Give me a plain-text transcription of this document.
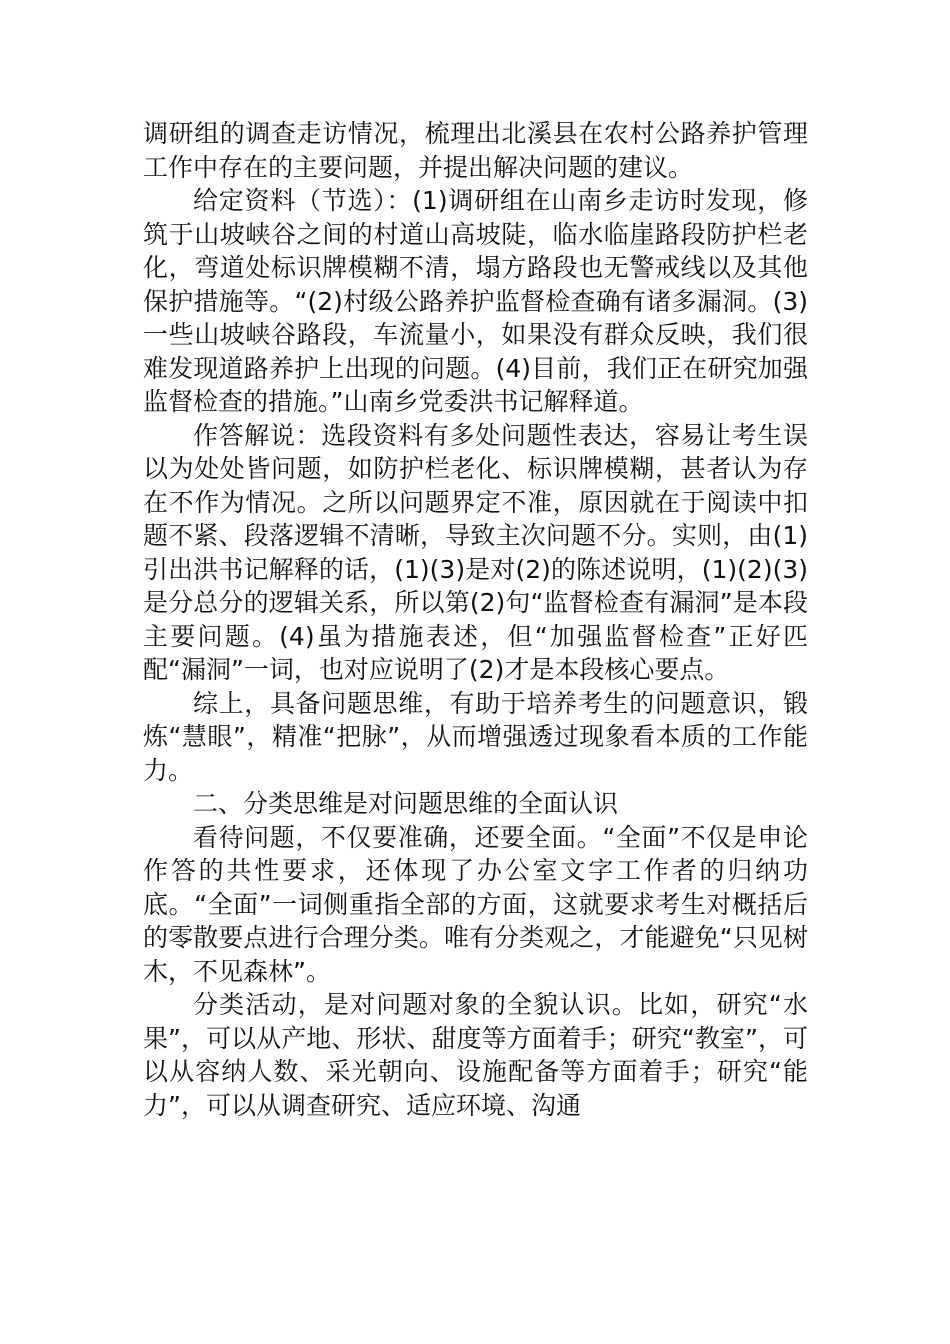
调研组的调查走访情况，梳理出北溪县在农村公路养护管理工作中存在的主要问题，并提出解决问题的建议。

给定资料（节选）：(1)调研组在山南乡走访时发现，修筑于山坡峡谷之间的村道山高坡陡，临水临崖路段防护栏老化，弯道处标识牌模糊不清，塌方路段也无警戒线以及其他保护措施等。“(2)村级公路养护监督检查确有诸多漏洞。(3)一些山坡峡谷路段，车流量小，如果没有群众反映，我们很难发现道路养护上出现的问题。(4)目前，我们正在研究加强监督检查的措施。”山南乡党委洪书记解释道。

作答解说：选段资料有多处问题性表达，容易让考生误以为处处皆问题，如防护栏老化、标识牌模糊，甚者认为存在不作为情况。之所以问题界定不准，原因就在于阅读中扣题不紧、段落逻辑不清晰，导致主次问题不分。实则，由(1)引出洪书记解释的话，(1)(3)是对(2)的陈述说明，(1)(2)(3)是分总分的逻辑关系，所以第(2)句“监督检查有漏洞”是本段主要问题。(4)虽为措施表述，但“加强监督检查”正好匹配“漏洞”一词，也对应说明了(2)才是本段核心要点。

综上，具备问题思维，有助于培养考生的问题意识，锻炼“慧眼”，精准“把脉”，从而增强透过现象看本质的工作能力。

二、分类思维是对问题思维的全面认识

看待问题，不仅要准确，还要全面。“全面”不仅是申论作答的共性要求，还体现了办公室文字工作者的归纳功底。“全面”一词侧重指全部的方面，这就要求考生对概括后的零散要点进行合理分类。唯有分类观之，才能避免“只见树木，不见森林”。

分类活动，是对问题对象的全貌认识。比如，研究“水果”，可以从产地、形状、甜度等方面着手；研究“教室”，可以从容纳人数、采光朝向、设施配备等方面着手；研究“能力”，可以从调查研究、适应环境、沟通
